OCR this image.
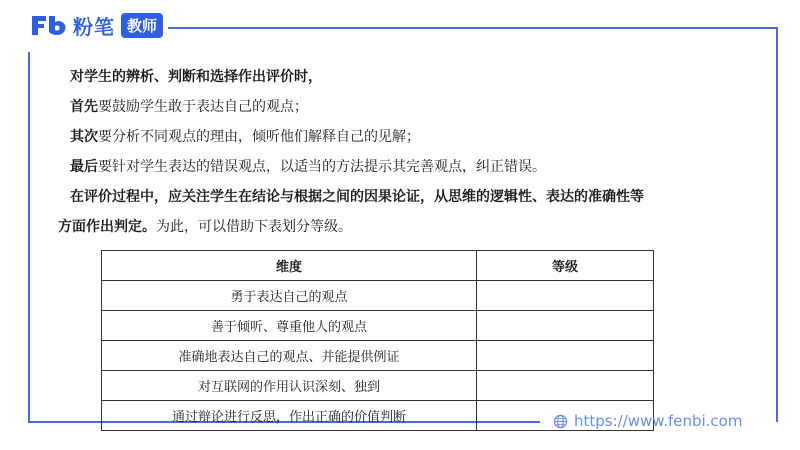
粉笔 教师
对学生的辨析、判断和选择作出评价时，
首先要鼓励学生敢于表达自己的观点；
其次要分析不同观点的理由，倾听他们解释自己的见解；
最后要针对学生表达的错误观点，以适当的方法提示其完善观点，纠正错误。
在评价过程中，应关注学生在结论与根据之间的因果论证，从思维的逻辑性、表达的准确性等
方面作出判定。为此，可以借助下表划分等级。
维度	等级
勇于表达自己的观点	
善于倾听、尊重他人的观点	
准确地表达自己的观点、并能提供例证	
对互联网的作用认识深刻、独到	
通过辩论进行反思，作出正确的价值判断		https://www.fenbi.com
